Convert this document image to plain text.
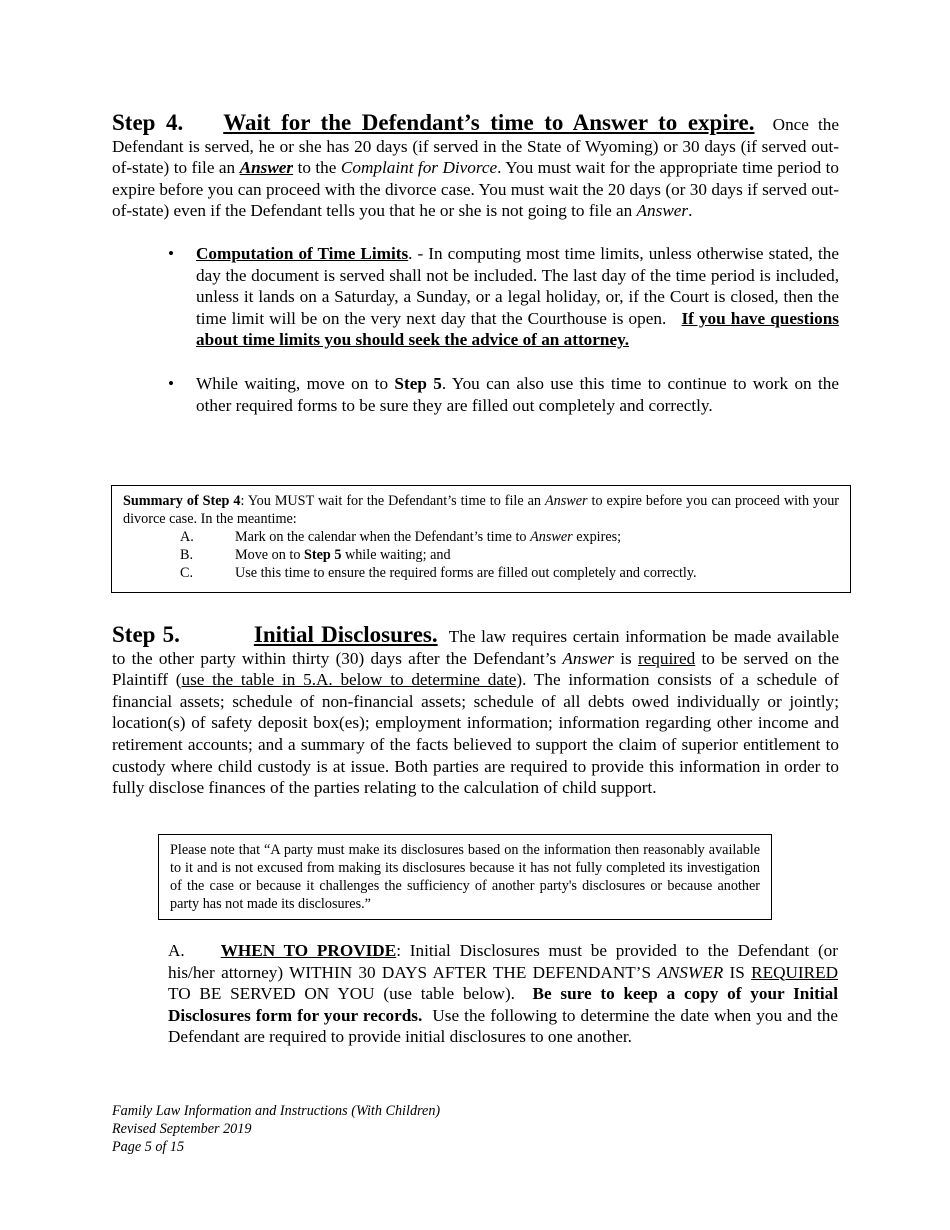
Step 4. Wait for the Defendant’s time to Answer to expire. Once the Defendant is served, he or she has 20 days (if served in the State of Wyoming) or 30 days (if served out-of-state) to file an Answer to the Complaint for Divorce. You must wait for the appropriate time period to expire before you can proceed with the divorce case. You must wait the 20 days (or 30 days if served out-of-state) even if the Defendant tells you that he or she is not going to file an Answer.
• Computation of Time Limits. - In computing most time limits, unless otherwise stated, the day the document is served shall not be included. The last day of the time period is included, unless it lands on a Saturday, a Sunday, or a legal holiday, or, if the Court is closed, then the time limit will be on the very next day that the Courthouse is open. If you have questions about time limits you should seek the advice of an attorney.
• While waiting, move on to Step 5. You can also use this time to continue to work on the other required forms to be sure they are filled out completely and correctly.
Summary of Step 4: You MUST wait for the Defendant’s time to file an Answer to expire before you can proceed with your divorce case. In the meantime:
A.	Mark on the calendar when the Defendant’s time to Answer expires;
B.	Move on to Step 5 while waiting; and
C.	Use this time to ensure the required forms are filled out completely and correctly.
Step 5.	Initial Disclosures. The law requires certain information be made available to the other party within thirty (30) days after the Defendant’s Answer is required to be served on the Plaintiff (use the table in 5.A. below to determine date). The information consists of a schedule of financial assets; schedule of non-financial assets; schedule of all debts owed individually or jointly; location(s) of safety deposit box(es); employment information; information regarding other income and retirement accounts; and a summary of the facts believed to support the claim of superior entitlement to custody where child custody is at issue. Both parties are required to provide this information in order to fully disclose finances of the parties relating to the calculation of child support.
Please note that “A party must make its disclosures based on the information then reasonably available to it and is not excused from making its disclosures because it has not fully completed its investigation of the case or because it challenges the sufficiency of another party's disclosures or because another party has not made its disclosures.”
A. WHEN TO PROVIDE: Initial Disclosures must be provided to the Defendant (or his/her attorney) WITHIN 30 DAYS AFTER THE DEFENDANT’S ANSWER IS REQUIRED TO BE SERVED ON YOU (use table below). Be sure to keep a copy of your Initial Disclosures form for your records. Use the following to determine the date when you and the Defendant are required to provide initial disclosures to one another.
Family Law Information and Instructions (With Children)
Revised September 2019
Page 5 of 15
